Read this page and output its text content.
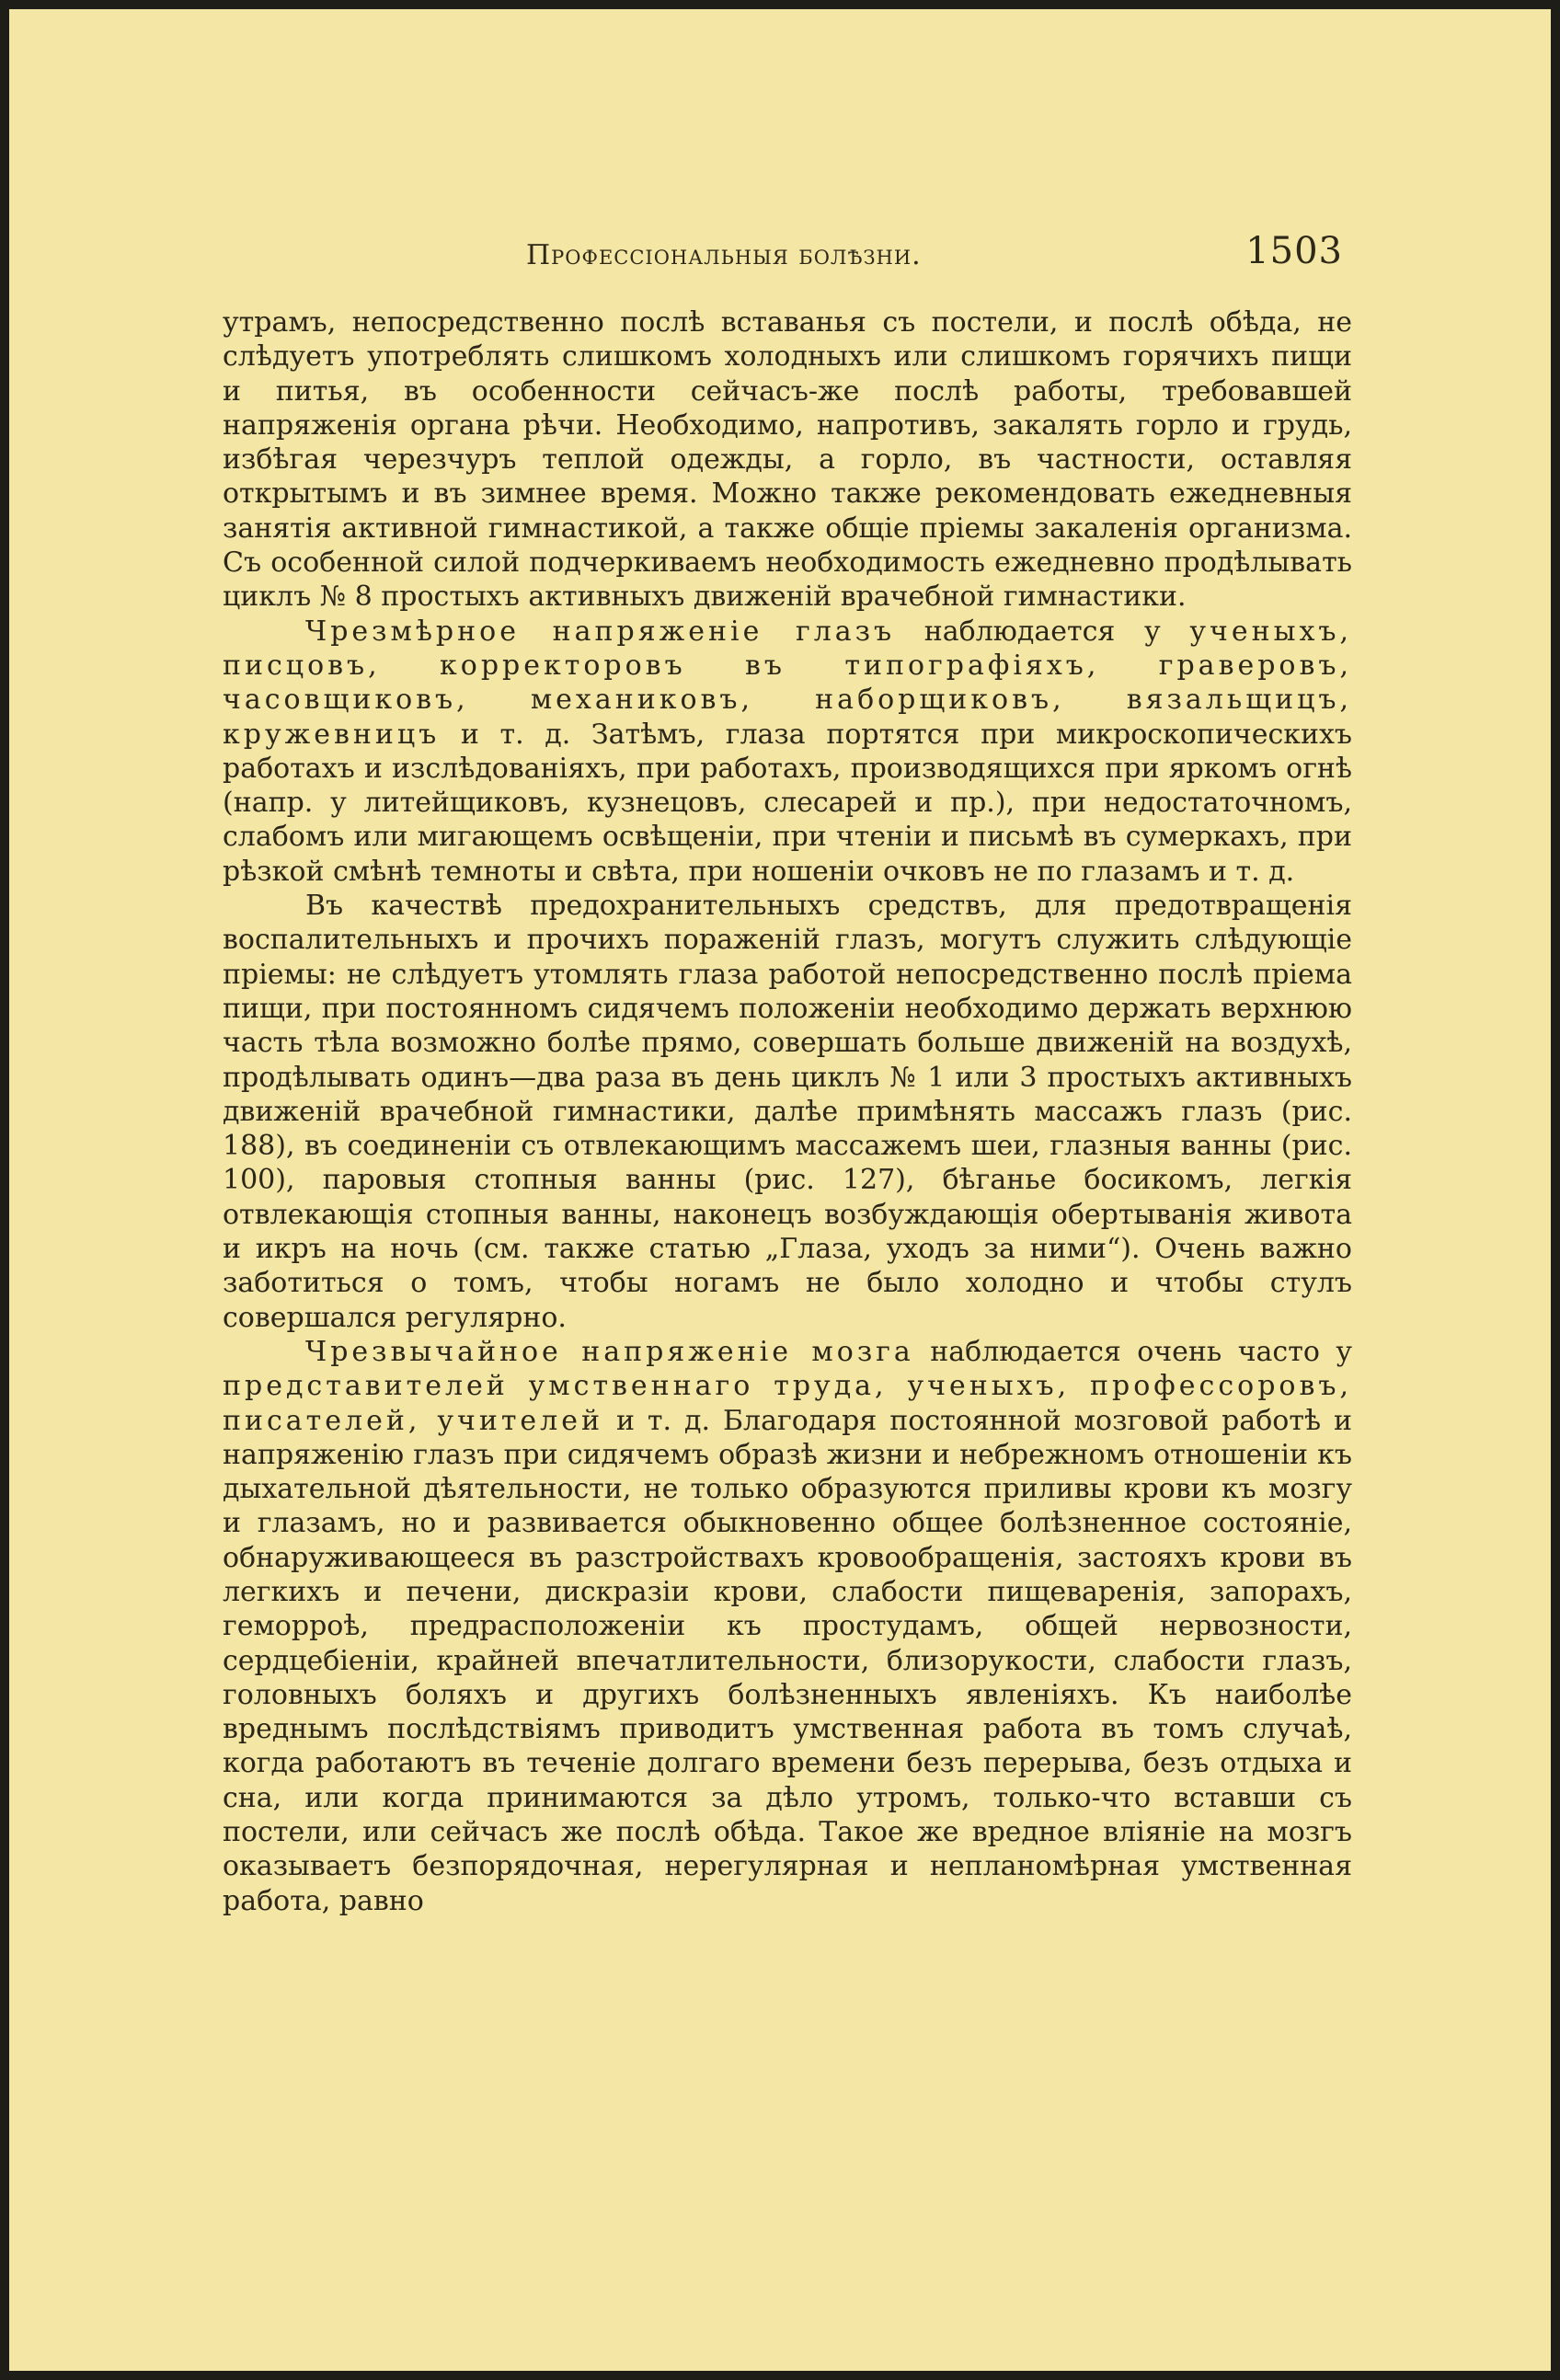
Профессiональныя болѣзни.	1503

утрамъ, непосредственно послѣ вставанья съ постели, и послѣ обѣда, не слѣдуетъ употреблять слишкомъ холодныхъ или слишкомъ горячихъ пищи и питья, въ особенности сейчасъ-же послѣ работы, требовавшей напряженiя органа рѣчи. Необходимо, напротивъ, закалять горло и грудь, избѣгая черезчуръ теплой одежды, а горло, въ частности, оставляя открытымъ и въ зимнее время. Можно также рекомендовать ежедневныя занятiя активной гимнастикой, а также общiе прiемы закаленiя организма. Съ особенной силой подчеркиваемъ необходимость ежедневно продѣлывать циклъ № 8 простыхъ активныхъ движенiй врачебной гимнастики.

Чрезмѣрное напряженiе глазъ наблюдается у ученыхъ, писцовъ, корректоровъ въ типографiяхъ, граверовъ, часовщиковъ, механиковъ, наборщиковъ, вязальщицъ, кружевницъ и т. д. Затѣмъ, глаза портятся при микроскопическихъ работахъ и изслѣдованiяхъ, при работахъ, производящихся при яркомъ огнѣ (напр. у литейщиковъ, кузнецовъ, слесарей и пр.), при недостаточномъ, слабомъ или мигающемъ освѣщенiи, при чтенiи и письмѣ въ сумеркахъ, при рѣзкой смѣнѣ темноты и свѣта, при ношенiи очковъ не по глазамъ и т. д.

Въ качествѣ предохранительныхъ средствъ, для предотвращенiя воспалительныхъ и прочихъ пораженiй глазъ, могутъ служить слѣдующiе прiемы: не слѣдуетъ утомлять глаза работой непосредственно послѣ прiема пищи, при постоянномъ сидячемъ положенiи необходимо держать верхнюю часть тѣла возможно болѣе прямо, совершать больше движенiй на воздухѣ, продѣлывать одинъ—два раза въ день циклъ № 1 или 3 простыхъ активныхъ движенiй врачебной гимнастики, далѣе примѣнять массажъ глазъ (рис. 188), въ соединенiи съ отвлекающимъ массажемъ шеи, глазныя ванны (рис. 100), паровыя стопныя ванны (рис. 127), бѣганье босикомъ, легкiя отвлекающiя стопныя ванны, наконецъ возбуждающiя обертыванiя живота и икръ на ночь (см. также статью „Глаза, уходъ за ними“). Очень важно заботиться о томъ, чтобы ногамъ не было холодно и чтобы стулъ совершался регулярно.

Чрезвычайное напряженiе мозга наблюдается очень часто у представителей умственнаго труда, ученыхъ, профессоровъ, писателей, учителей и т. д. Благодаря постоянной мозговой работѣ и напряженiю глазъ при сидячемъ образѣ жизни и небрежномъ отношенiи къ дыхательной дѣятельности, не только образуются приливы крови къ мозгу и глазамъ, но и развивается обыкновенно общее болѣзненное состоянiе, обнаруживающееся въ разстройствахъ кровообращенiя, застояхъ крови въ легкихъ и печени, дискразiи крови, слабости пищеваренiя, запорахъ, геморроѣ, предрасположенiи къ простудамъ, общей нервозности, сердцебiенiи, крайней впечатлительности, близорукости, слабости глазъ, головныхъ боляхъ и другихъ болѣзненныхъ явленiяхъ. Къ наиболѣе вреднымъ послѣдствiямъ приводитъ умственная работа въ томъ случаѣ, когда работаютъ въ теченiе долгаго времени безъ перерыва, безъ отдыха и сна, или когда принимаются за дѣло утромъ, только-что вставши съ постели, или сейчасъ же послѣ обѣда. Такое же вредное влiянiе на мозгъ оказываетъ безпорядочная, нерегулярная и непланомѣрная умственная работа, равно
